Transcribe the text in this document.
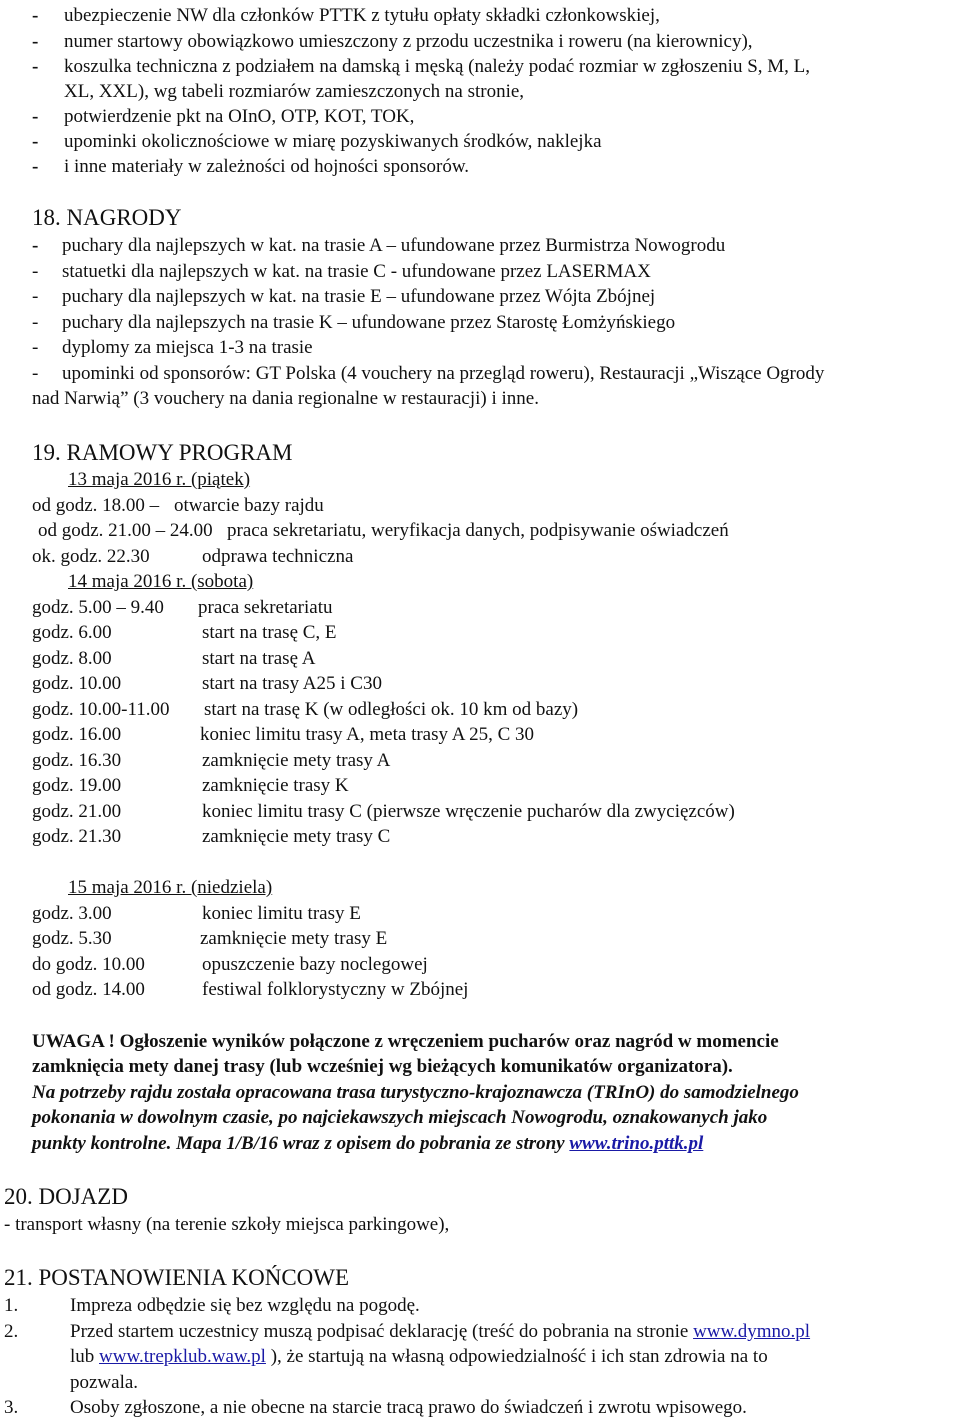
- ubezpieczenie NW dla członków PTTK z tytułu opłaty składki członkowskiej,
- numer startowy obowiązkowo umieszczony z przodu uczestnika i roweru (na kierownicy),
- koszulka techniczna z podziałem na damską i męską (należy podać rozmiar w zgłoszeniu S, M, L,
XL, XXL), wg tabeli rozmiarów zamieszczonych na stronie,
- potwierdzenie pkt na OInO, OTP, KOT, TOK,
- upominki okolicznościowe w miarę pozyskiwanych środków, naklejka
- i inne materiały w zależności od hojności sponsorów.
18. NAGRODY
- puchary dla najlepszych w kat. na trasie A – ufundowane przez Burmistrza Nowogrodu
- statuetki dla najlepszych w kat. na trasie C - ufundowane przez LASERMAX
- puchary dla najlepszych w kat. na trasie E – ufundowane przez Wójta Zbójnej
- puchary dla najlepszych na trasie K – ufundowane przez Starostę Łomżyńskiego
- dyplomy za miejsca 1-3 na trasie
- upominki od sponsorów: GT Polska (4 vouchery na przegląd roweru), Restauracji „Wiszące Ogrody
nad Narwią” (3 vouchery na dania regionalne w restauracji) i inne.
19. RAMOWY PROGRAM
13 maja 2016 r. (piątek)
od godz. 18.00 – otwarcie bazy rajdu
od godz. 21.00 – 24.00 praca sekretariatu, weryfikacja danych, podpisywanie oświadczeń
ok. godz. 22.30	odprawa techniczna
14 maja 2016 r. (sobota)
godz. 5.00 – 9.40 praca sekretariatu
godz. 6.00	start na trasę C, E
godz. 8.00	start na trasę A
godz. 10.00	start na trasy A25 i C30
godz. 10.00-11.00 start na trasę K (w odległości ok. 10 km od bazy)
godz. 16.00	koniec limitu trasy A, meta trasy A 25, C 30
godz. 16.30	zamknięcie mety trasy A
godz. 19.00	zamknięcie trasy K
godz. 21.00	koniec limitu trasy C (pierwsze wręczenie pucharów dla zwycięzców)
godz. 21.30	zamknięcie mety trasy C
15 maja 2016 r. (niedziela)
godz. 3.00	koniec limitu trasy E
godz. 5.30	zamknięcie mety trasy E
do godz. 10.00	opuszczenie bazy noclegowej
od godz. 14.00	festiwal folklorystyczny w Zbójnej
UWAGA ! Ogłoszenie wyników połączone z wręczeniem pucharów oraz nagród w momencie
zamknięcia mety danej trasy (lub wcześniej wg bieżących komunikatów organizatora).
Na potrzeby rajdu została opracowana trasa turystyczno-krajoznawcza (TRInO) do samodzielnego
pokonania w dowolnym czasie, po najciekawszych miejscach Nowogrodu, oznakowanych jako
punkty kontrolne. Mapa 1/B/16 wraz z opisem do pobrania ze strony www.trino.pttk.pl
20. DOJAZD
- transport własny (na terenie szkoły miejsca parkingowe),
21. POSTANOWIENIA KOŃCOWE
1.	Impreza odbędzie się bez względu na pogodę.
2.	Przed startem uczestnicy muszą podpisać deklarację (treść do pobrania na stronie www.dymno.pl
lub www.trepklub.waw.pl ), że startują na własną odpowiedzialność i ich stan zdrowia na to
pozwala.
3.	Osoby zgłoszone, a nie obecne na starcie tracą prawo do świadczeń i zwrotu wpisowego.
